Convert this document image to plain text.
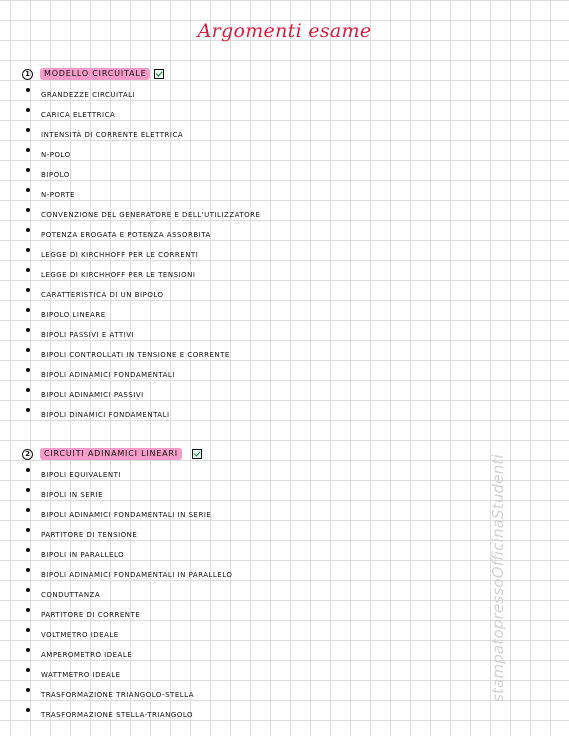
Argomenti esame
1	MODELLO CIRCUITALE
GRANDEZZE CIRCUITALI
CARICA ELETTRICA
INTENSITÀ DI CORRENTE ELETTRICA
N-POLO
BIPOLO
N-PORTE
CONVENZIONE DEL GENERATORE E DELL'UTILIZZATORE
POTENZA EROGATA E POTENZA ASSORBITA
LEGGE DI KIRCHHOFF PER LE CORRENTI
LEGGE DI KIRCHHOFF PER LE TENSIONI
CARATTERISTICA DI UN BIPOLO
BIPOLO LINEARE
BIPOLI PASSIVI E ATTIVI
BIPOLI CONTROLLATI IN TENSIONE E CORRENTE
BIPOLI ADINAMICI FONDAMENTALI
BIPOLI ADINAMICI PASSIVI
BIPOLI DINAMICI FONDAMENTALI
2	CIRCUITI ADINAMICI LINEARI
BIPOLI EQUIVALENTI
BIPOLI IN SERIE
BIPOLI ADINAMICI FONDAMENTALI IN SERIE
PARTITORE DI TENSIONE
BIPOLI IN PARALLELO
BIPOLI ADINAMICI FONDAMENTALI IN PARALLELO
CONDUTTANZA
PARTITORE DI CORRENTE
VOLTMETRO IDEALE
AMPEROMETRO IDEALE
WATTMETRO IDEALE
TRASFORMAZIONE TRIANGOLO-STELLA
TRASFORMAZIONE STELLA-TRIANGOLO
stampatopressoOfficinaStudenti
